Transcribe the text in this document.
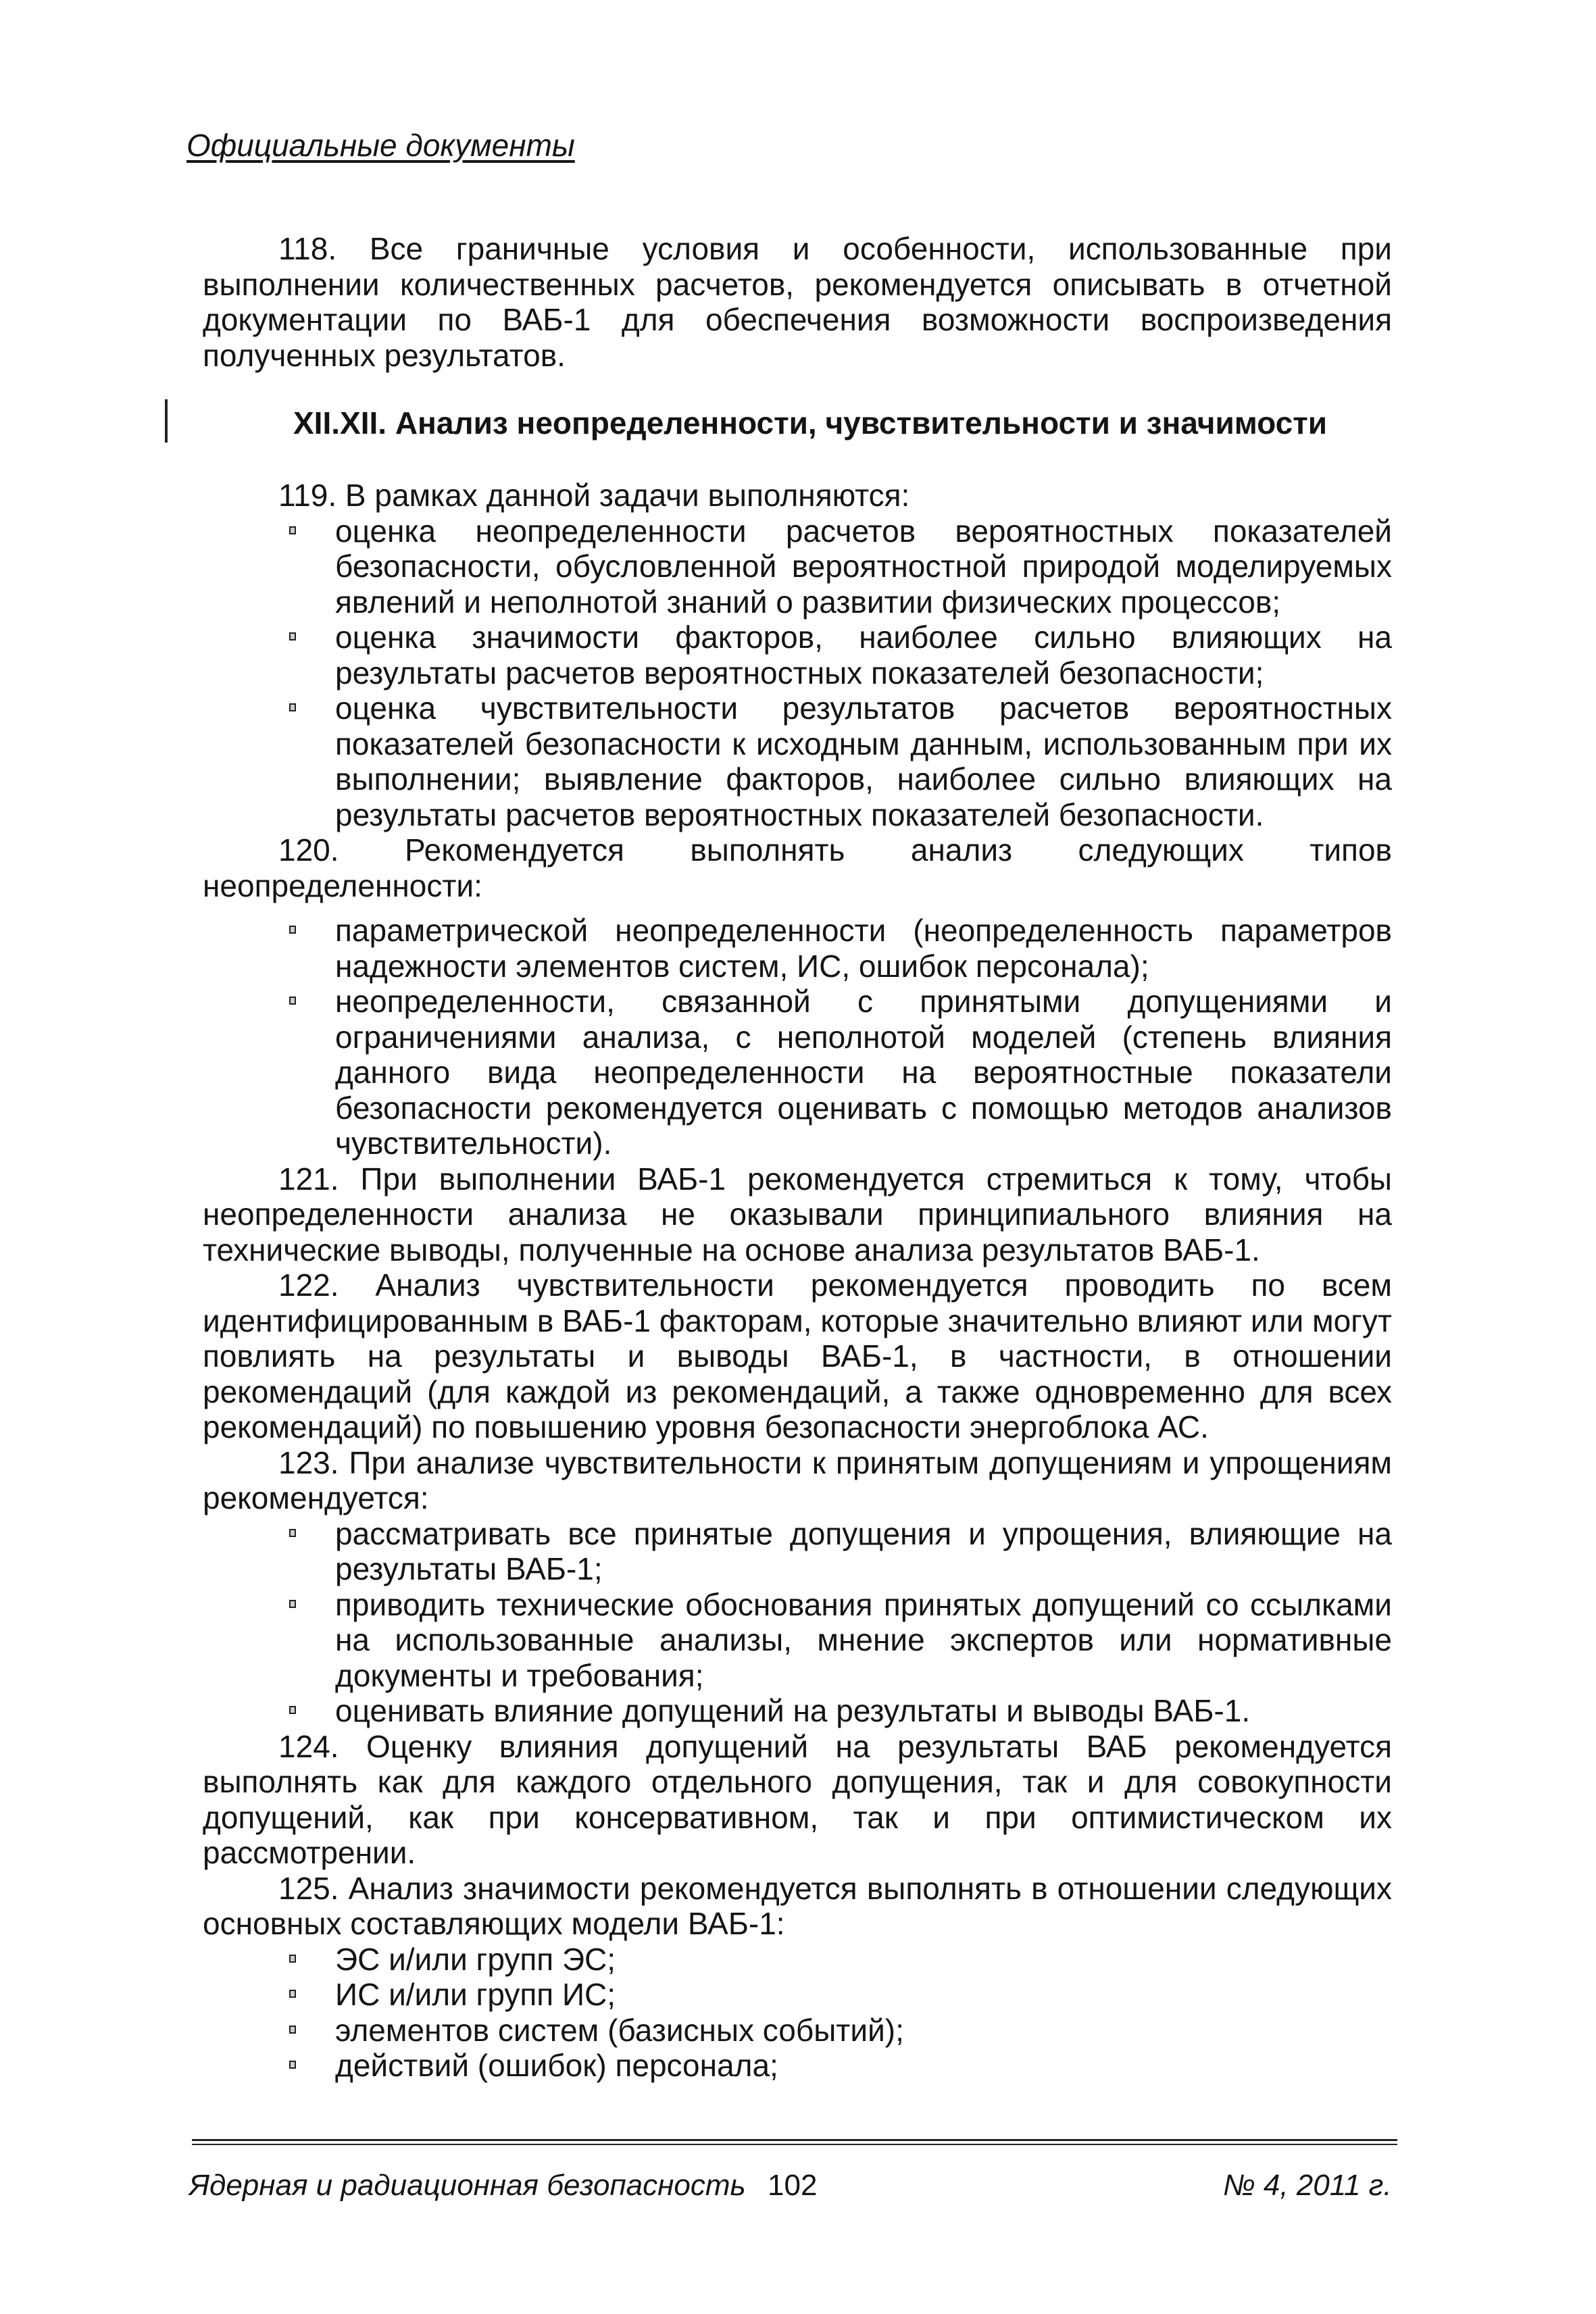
Официальные документы

118. Все граничные условия и особенности, использованные при выполнении количественных расчетов, рекомендуется описывать в отчетной документации по ВАБ-1 для обеспечения возможности воспроизведения полученных результатов.

XII.XII. Анализ неопределенности, чувствительности и значимости

119. В рамках данной задачи выполняются:

оценка неопределенности расчетов вероятностных показателей безопасности, обусловленной вероятностной природой моделируемых явлений и неполнотой знаний о развитии физических процессов;
оценка значимости факторов, наиболее сильно влияющих на результаты расчетов вероятностных показателей безопасности;
оценка чувствительности результатов расчетов вероятностных показателей безопасности к исходным данным, использованным при их выполнении; выявление факторов, наиболее сильно влияющих на результаты расчетов вероятностных показателей безопасности.

120. Рекомендуется выполнять анализ следующих типов неопределенности:

параметрической неопределенности (неопределенность параметров надежности элементов систем, ИС, ошибок персонала);
неопределенности, связанной с принятыми допущениями и ограничениями анализа, с неполнотой моделей (степень влияния данного вида неопределенности на вероятностные показатели безопасности рекомендуется оценивать с помощью методов анализов чувствительности).

121. При выполнении ВАБ-1 рекомендуется стремиться к тому, чтобы неопределенности анализа не оказывали принципиального влияния на технические выводы, полученные на основе анализа результатов ВАБ-1.

122. Анализ чувствительности рекомендуется проводить по всем идентифицированным в ВАБ-1 факторам, которые значительно влияют или могут повлиять на результаты и выводы ВАБ-1, в частности, в отношении рекомендаций (для каждой из рекомендаций, а также одновременно для всех рекомендаций) по повышению уровня безопасности энергоблока АС.

123. При анализе чувствительности к принятым допущениям и упрощениям рекомендуется:

рассматривать все принятые допущения и упрощения, влияющие на результаты ВАБ-1;
приводить технические обоснования принятых допущений со ссылками на использованные анализы, мнение экспертов или нормативные документы и требования;
оценивать влияние допущений на результаты и выводы ВАБ-1.

124. Оценку влияния допущений на результаты ВАБ рекомендуется выполнять как для каждого отдельного допущения, так и для совокупности допущений, как при консервативном, так и при оптимистическом их рассмотрении.

125. Анализ значимости рекомендуется выполнять в отношении следующих основных составляющих модели ВАБ-1:

ЭС и/или групп ЭС;
ИС и/или групп ИС;
элементов систем (базисных событий);
действий (ошибок) персонала;
Ядерная и радиационная безопасность 102	№ 4, 2011 г.
